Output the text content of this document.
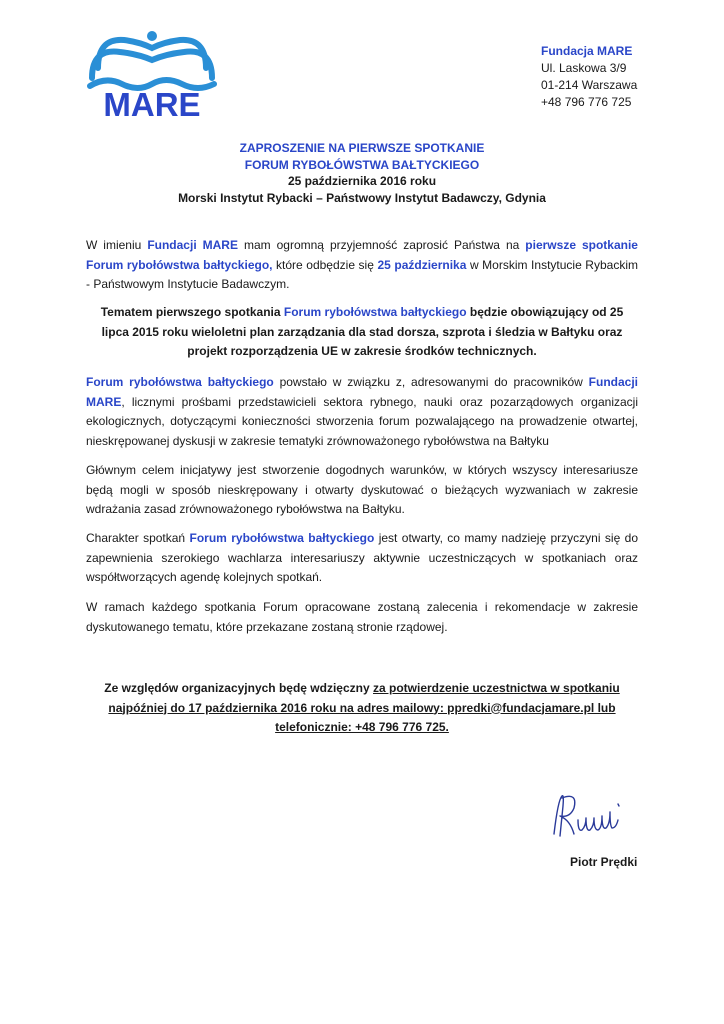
MARE
Fundacja MARE
Ul. Laskowa 3/9
01-214 Warszawa
+48 796 776 725
ZAPROSZENIE NA PIERWSZE SPOTKANIE
FORUM RYBOŁÓWSTWA BAŁTYCKIEGO
25 października 2016 roku
Morski Instytut Rybacki – Państwowy Instytut Badawczy, Gdynia
W imieniu Fundacji MARE mam ogromną przyjemność zaprosić Państwa na pierwsze spotkanie Forum rybołówstwa bałtyckiego, które odbędzie się 25 października w Morskim Instytucie Rybackim - Państwowym Instytucie Badawczym.
Tematem pierwszego spotkania Forum rybołówstwa bałtyckiego będzie obowiązujący od 25 lipca 2015 roku wieloletni plan zarządzania dla stad dorsza, szprota i śledzia w Bałtyku oraz projekt rozporządzenia UE w zakresie środków technicznych.
Forum rybołówstwa bałtyckiego powstało w związku z, adresowanymi do pracowników Fundacji MARE, licznymi prośbami przedstawicieli sektora rybnego, nauki oraz pozarządowych organizacji ekologicznych, dotyczącymi konieczności stworzenia forum pozwalającego na prowadzenie otwartej, nieskrępowanej dyskusji w zakresie tematyki zrównoważonego rybołówstwa na Bałtyku
Głównym celem inicjatywy jest stworzenie dogodnych warunków, w których wszyscy interesariusze będą mogli w sposób nieskrępowany i otwarty dyskutować o bieżących wyzwaniach w zakresie wdrażania zasad zrównoważonego rybołówstwa na Bałtyku.
Charakter spotkań Forum rybołówstwa bałtyckiego jest otwarty, co mamy nadzieję przyczyni się do zapewnienia szerokiego wachlarza interesariuszy aktywnie uczestniczących w spotkaniach oraz współtworzących agendę kolejnych spotkań.
W ramach każdego spotkania Forum opracowane zostaną zalecenia i rekomendacje w zakresie dyskutowanego tematu, które przekazane zostaną stronie rządowej.
Ze względów organizacyjnych będę wdzięczny za potwierdzenie uczestnictwa w spotkaniu najpóźniej do 17 października 2016 roku na adres mailowy: ppredki@fundacjamare.pl lub telefonicznie: +48 796 776 725.
Piotr Prędki
